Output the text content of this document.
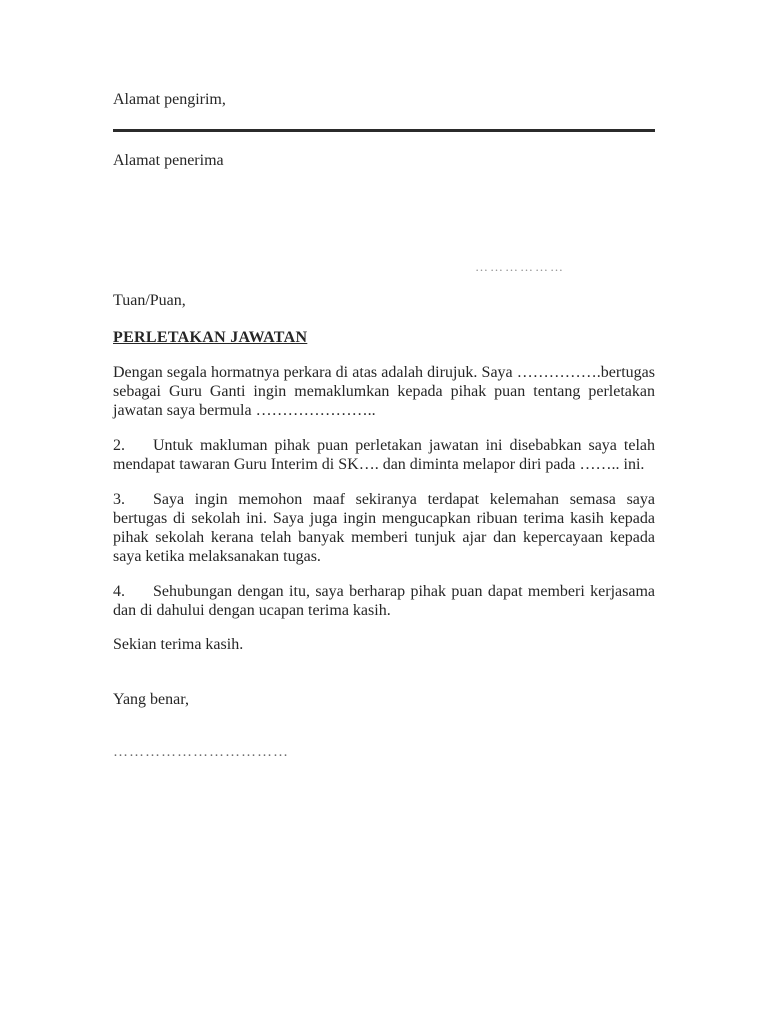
Alamat pengirim,
Alamat penerima
………………
Tuan/Puan,
PERLETAKAN JAWATAN

Dengan segala hormatnya perkara di atas adalah dirujuk. Saya …………….bertugas sebagai Guru Ganti ingin memaklumkan kepada pihak puan tentang perletakan jawatan saya bermula …………………..

2. Untuk makluman pihak puan perletakan jawatan ini disebabkan saya telah mendapat tawaran Guru Interim di SK…. dan diminta melapor diri pada …….. ini.

3. Saya ingin memohon maaf sekiranya terdapat kelemahan semasa saya bertugas di sekolah ini. Saya juga ingin mengucapkan ribuan terima kasih kepada pihak sekolah kerana telah banyak memberi tunjuk ajar dan kepercayaan kepada saya ketika melaksanakan tugas.

4. Sehubungan dengan itu, saya berharap pihak puan dapat memberi kerjasama dan di dahului dengan ucapan terima kasih.

Sekian terima kasih.
Yang benar,
……………………………
